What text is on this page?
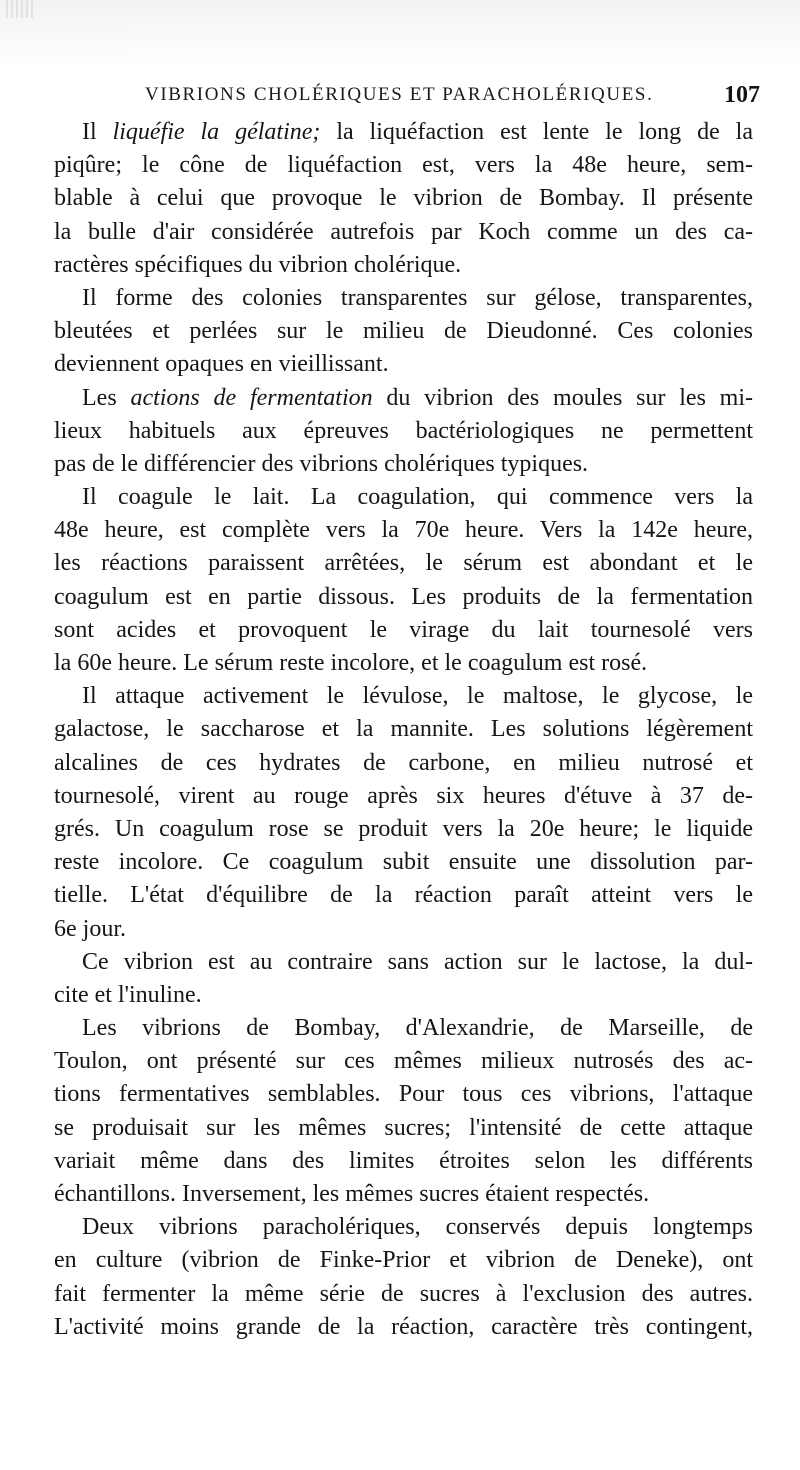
VIBRIONS CHOLÉRIQUES ET PARACHOLÉRIQUES.	107
Il liquéfie la gélatine; la liquéfaction est lente le long de la
piqûre; le cône de liquéfaction est, vers la 48e heure, sem-
blable à celui que provoque le vibrion de Bombay. Il présente
la bulle d'air considérée autrefois par Koch comme un des ca-
ractères spécifiques du vibrion cholérique.
Il forme des colonies transparentes sur gélose, transparentes,
bleutées et perlées sur le milieu de Dieudonné. Ces colonies
deviennent opaques en vieillissant.
Les actions de fermentation du vibrion des moules sur les mi-
lieux habituels aux épreuves bactériologiques ne permettent
pas de le différencier des vibrions cholériques typiques.
Il coagule le lait. La coagulation, qui commence vers la
48e heure, est complète vers la 70e heure. Vers la 142e heure,
les réactions paraissent arrêtées, le sérum est abondant et le
coagulum est en partie dissous. Les produits de la fermentation
sont acides et provoquent le virage du lait tournesolé vers
la 60e heure. Le sérum reste incolore, et le coagulum est rosé.
Il attaque activement le lévulose, le maltose, le glycose, le
galactose, le saccharose et la mannite. Les solutions légèrement
alcalines de ces hydrates de carbone, en milieu nutrosé et
tournesolé, virent au rouge après six heures d'étuve à 37 de-
grés. Un coagulum rose se produit vers la 20e heure; le liquide
reste incolore. Ce coagulum subit ensuite une dissolution par-
tielle. L'état d'équilibre de la réaction paraît atteint vers le
6e jour.
Ce vibrion est au contraire sans action sur le lactose, la dul-
cite et l'inuline.
Les vibrions de Bombay, d'Alexandrie, de Marseille, de
Toulon, ont présenté sur ces mêmes milieux nutrosés des ac-
tions fermentatives semblables. Pour tous ces vibrions, l'attaque
se produisait sur les mêmes sucres; l'intensité de cette attaque
variait même dans des limites étroites selon les différents
échantillons. Inversement, les mêmes sucres étaient respectés.
Deux vibrions paracholériques, conservés depuis longtemps
en culture (vibrion de Finke-Prior et vibrion de Deneke), ont
fait fermenter la même série de sucres à l'exclusion des autres.
L'activité moins grande de la réaction, caractère très contingent,
